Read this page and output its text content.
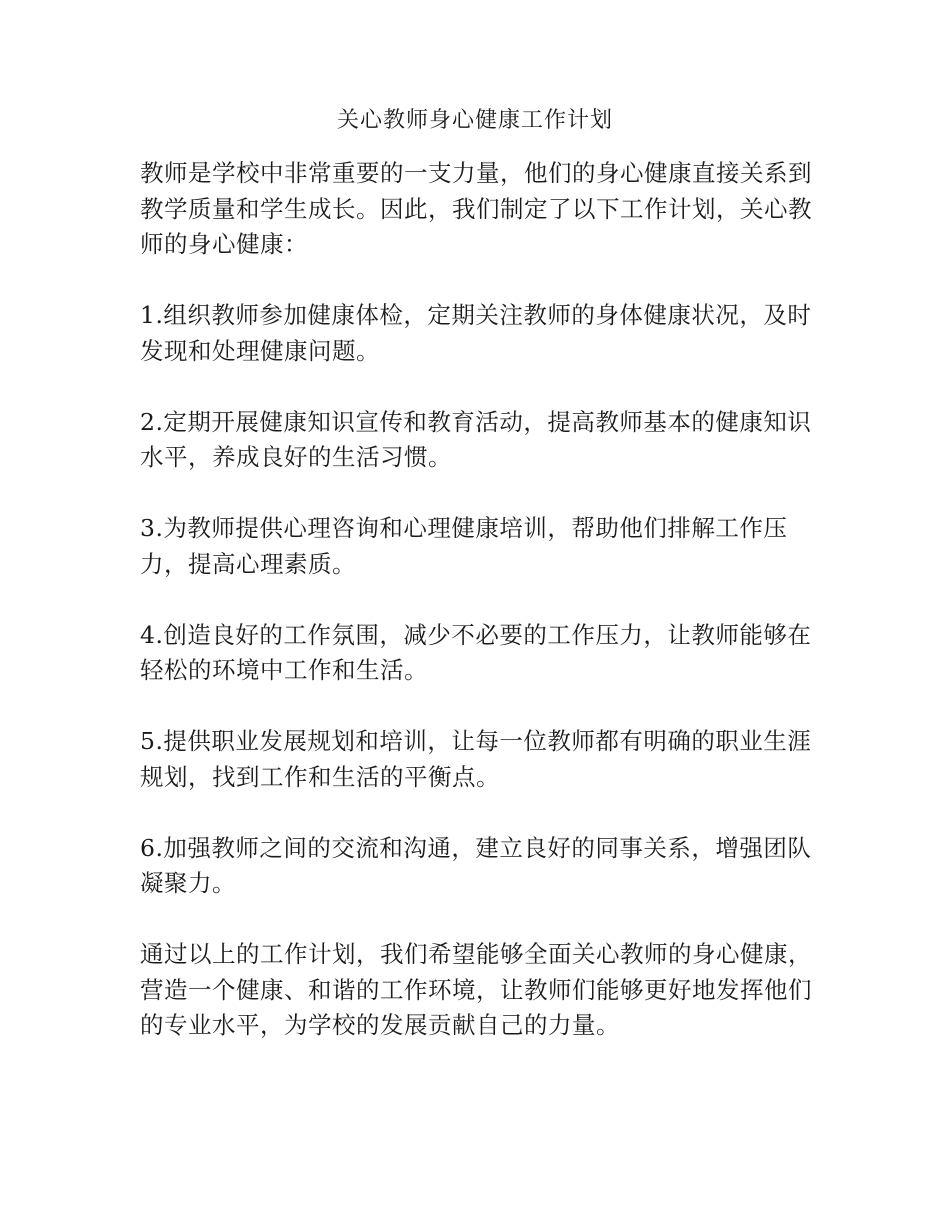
关心教师身心健康工作计划

教师是学校中非常重要的一支力量，他们的身心健康直接关系到教学质量和学生成长。因此，我们制定了以下工作计划，关心教师的身心健康：

1.组织教师参加健康体检，定期关注教师的身体健康状况，及时发现和处理健康问题。
2.定期开展健康知识宣传和教育活动，提高教师基本的健康知识水平，养成良好的生活习惯。
3.为教师提供心理咨询和心理健康培训，帮助他们排解工作压力，提高心理素质。
4.创造良好的工作氛围，减少不必要的工作压力，让教师能够在轻松的环境中工作和生活。
5.提供职业发展规划和培训，让每一位教师都有明确的职业生涯规划，找到工作和生活的平衡点。
6.加强教师之间的交流和沟通，建立良好的同事关系，增强团队凝聚力。

通过以上的工作计划，我们希望能够全面关心教师的身心健康，营造一个健康、和谐的工作环境，让教师们能够更好地发挥他们的专业水平，为学校的发展贡献自己的力量。
